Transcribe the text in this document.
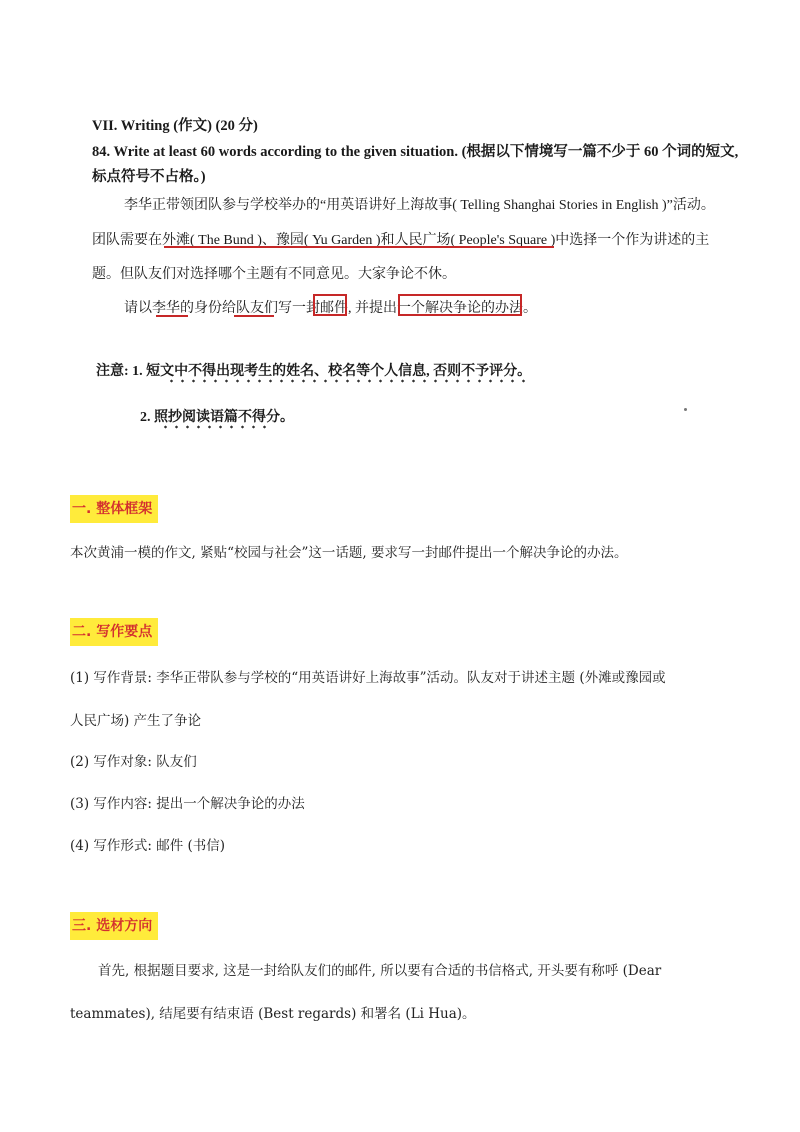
VII. Writing (作文) (20 分)
84. Write at least 60 words according to the given situation. (根据以下情境写一篇不少于 60 个词的短文,
标点符号不占格。)
李华正带领团队参与学校举办的“用英语讲好上海故事( Telling Shanghai Stories in English )”活动。
团队需要在外滩( The Bund )、豫园( Yu Garden )和人民广场( People's Square )中选择一个作为讲述的主
题。但队友们对选择哪个主题有不同意见。大家争论不休。
请以李华的身份给队友们写一封邮件, 并提出一个解决争论的办法。
注意: 1. 短文中不得出现考生的姓名、校名等个人信息, 否则不予评分。
2. 照抄阅读语篇不得分。
一. 整体框架
本次黄浦一模的作文, 紧贴“校园与社会”这一话题, 要求写一封邮件提出一个解决争论的办法。
二. 写作要点
(1) 写作背景: 李华正带队参与学校的“用英语讲好上海故事”活动。队友对于讲述主题 (外滩或豫园或
人民广场) 产生了争论
(2) 写作对象: 队友们
(3) 写作内容: 提出一个解决争论的办法
(4) 写作形式: 邮件 (书信)
三. 选材方向
首先, 根据题目要求, 这是一封给队友们的邮件, 所以要有合适的书信格式, 开头要有称呼 (Dear
teammates), 结尾要有结束语 (Best regards) 和署名 (Li Hua)。
